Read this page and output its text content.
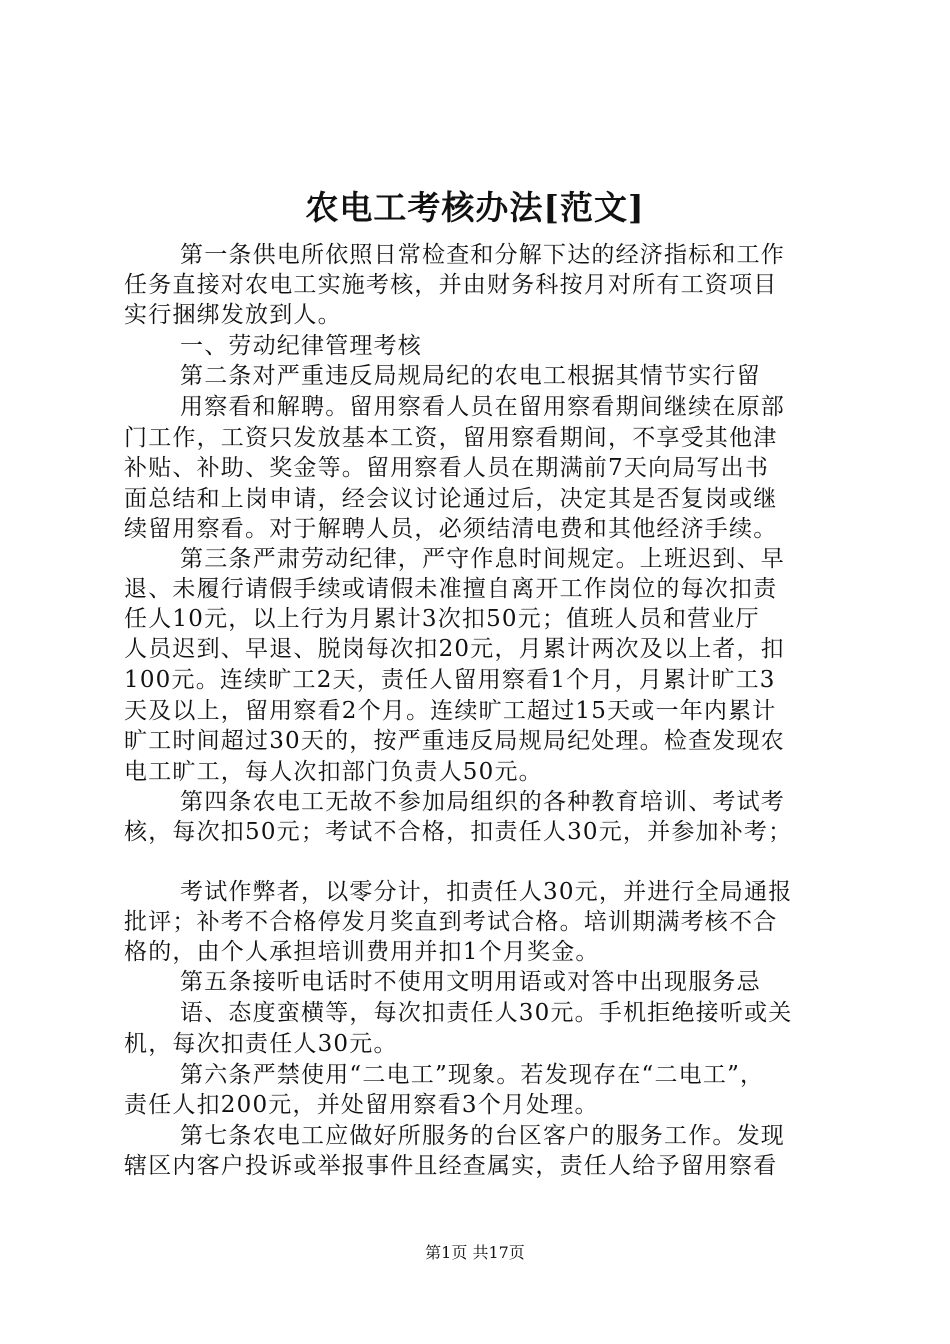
农电工考核办法[范文]
第一条供电所依照日常检查和分解下达的经济指标和工作
任务直接对农电工实施考核，并由财务科按月对所有工资项目
实行捆绑发放到人。
一、劳动纪律管理考核
第二条对严重违反局规局纪的农电工根据其情节实行留
用察看和解聘。留用察看人员在留用察看期间继续在原部
门工作，工资只发放基本工资，留用察看期间，不享受其他津
补贴、补助、奖金等。留用察看人员在期满前7天向局写出书
面总结和上岗申请，经会议讨论通过后，决定其是否复岗或继
续留用察看。对于解聘人员，必须结清电费和其他经济手续。
第三条严肃劳动纪律，严守作息时间规定。上班迟到、早
退、未履行请假手续或请假未准擅自离开工作岗位的每次扣责
任人10元，以上行为月累计3次扣50元；值班人员和营业厅
人员迟到、早退、脱岗每次扣20元，月累计两次及以上者，扣
100元。连续旷工2天，责任人留用察看1个月，月累计旷工3
天及以上，留用察看2个月。连续旷工超过15天或一年内累计
旷工时间超过30天的，按严重违反局规局纪处理。检查发现农
电工旷工，每人次扣部门负责人50元。
第四条农电工无故不参加局组织的各种教育培训、考试考
核，每次扣50元；考试不合格，扣责任人30元，并参加补考；
考试作弊者，以零分计，扣责任人30元，并进行全局通报
批评；补考不合格停发月奖直到考试合格。培训期满考核不合
格的，由个人承担培训费用并扣1个月奖金。
第五条接听电话时不使用文明用语或对答中出现服务忌
语、态度蛮横等，每次扣责任人30元。手机拒绝接听或关
机，每次扣责任人30元。
第六条严禁使用“二电工”现象。若发现存在“二电工”，
责任人扣200元，并处留用察看3个月处理。
第七条农电工应做好所服务的台区客户的服务工作。发现
辖区内客户投诉或举报事件且经查属实，责任人给予留用察看
第1页 共17页
